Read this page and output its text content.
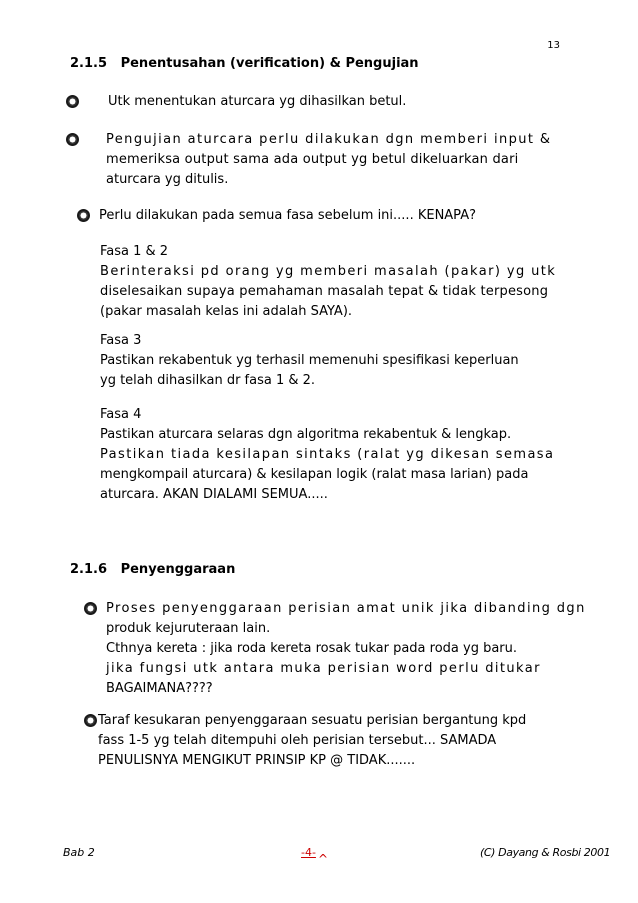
13
2.1.5   Penentusahan (verification) & Pengujian
Utk menentukan aturcara yg dihasilkan betul.
Pengujian aturcara perlu dilakukan dgn memberi input &
memeriksa output sama ada output yg betul dikeluarkan dari
aturcara yg ditulis.
Perlu dilakukan pada semua fasa sebelum ini..... KENAPA?
Fasa 1 & 2
Berinteraksi pd orang yg memberi masalah (pakar) yg utk
diselesaikan supaya pemahaman masalah tepat & tidak terpesong
(pakar masalah kelas ini adalah SAYA).
Fasa 3
Pastikan rekabentuk yg terhasil memenuhi spesifikasi keperluan
yg telah dihasilkan dr fasa 1 & 2.
Fasa 4
Pastikan aturcara selaras dgn algoritma rekabentuk & lengkap.
Pastikan tiada kesilapan sintaks (ralat yg dikesan semasa
mengkompail aturcara) & kesilapan logik (ralat masa larian) pada
aturcara. AKAN DIALAMI SEMUA.....
2.1.6   Penyenggaraan
Proses penyenggaraan perisian amat unik jika dibanding dgn
produk kejuruteraan lain.
Cthnya kereta : jika roda kereta rosak tukar pada roda yg baru.
jika fungsi utk antara muka perisian word perlu ditukar
BAGAIMANA????
Taraf kesukaran penyenggaraan sesuatu perisian bergantung kpd
fass 1-5 yg telah ditempuhi oleh perisian tersebut... SAMADA
PENULISNYA MENGIKUT PRINSIP KP @ TIDAK.......
Bab 2	-4- ^	(C) Dayang & Rosbi 2001
